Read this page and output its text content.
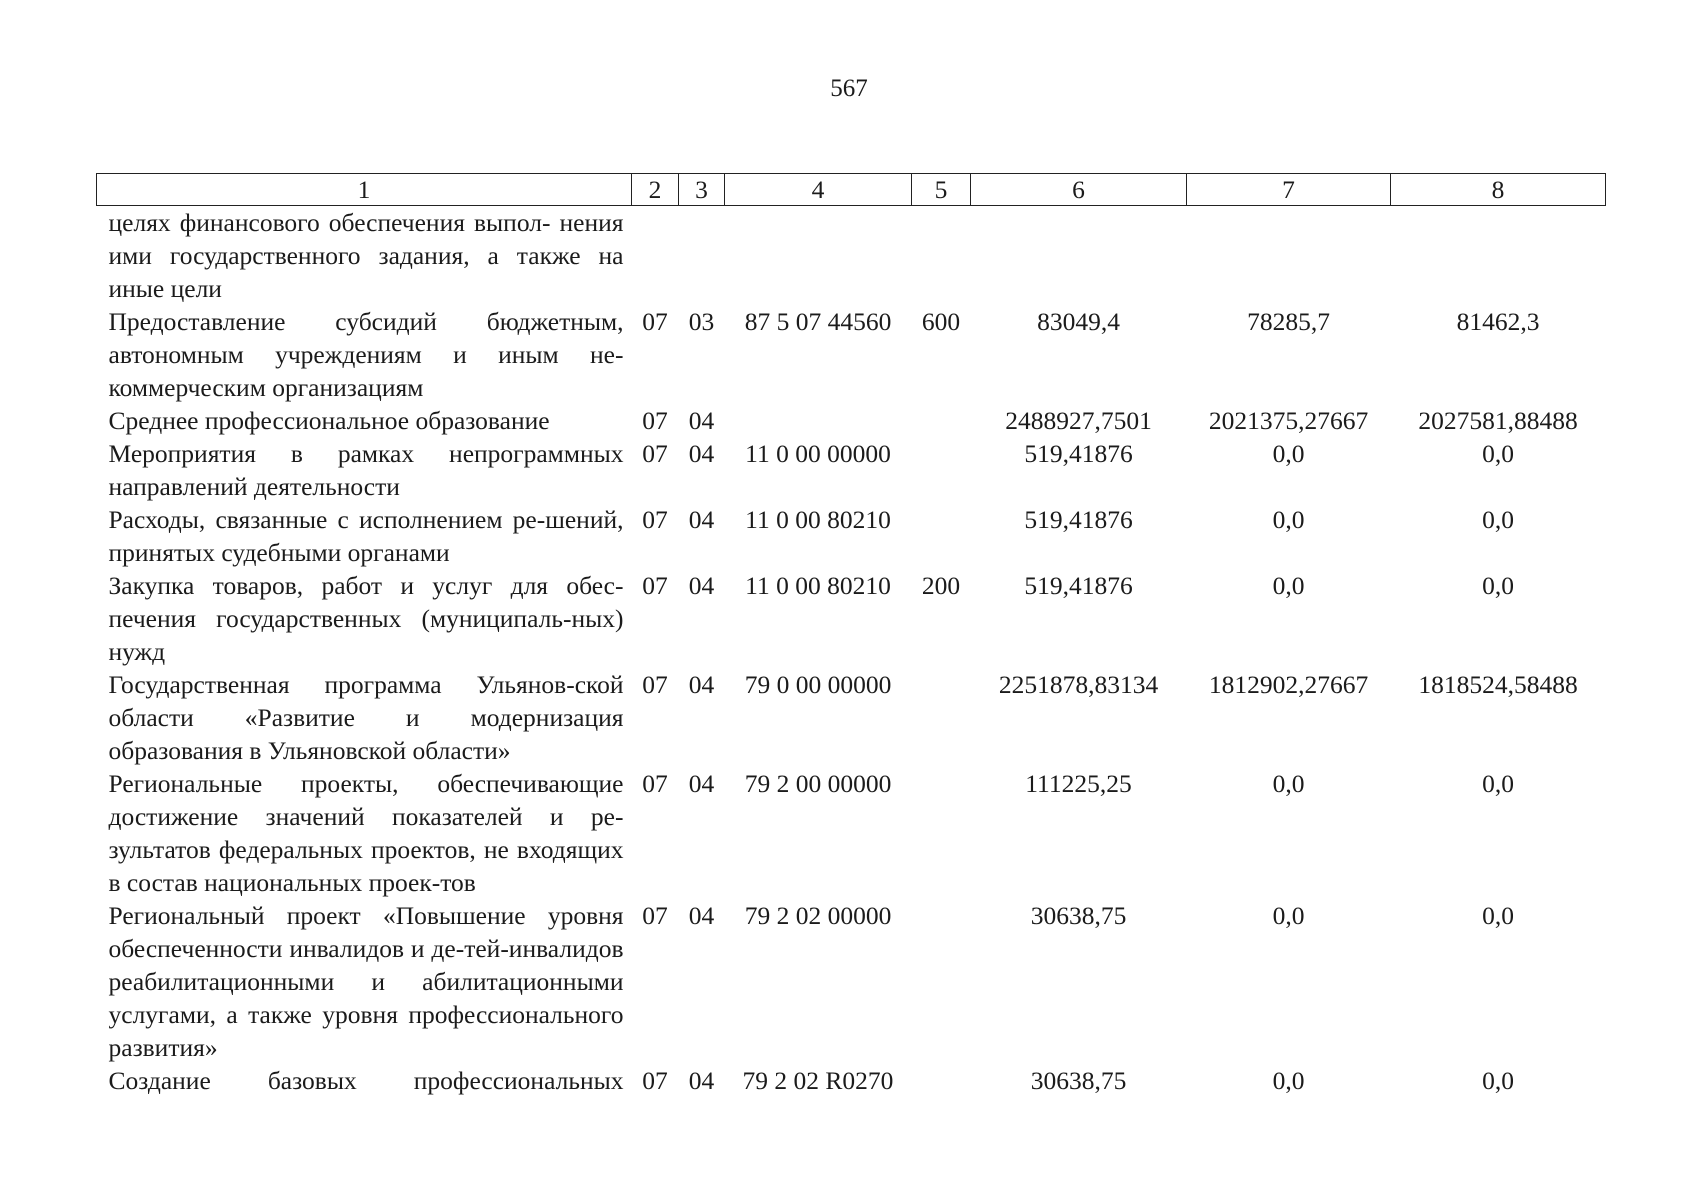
567
1	2	3	4	5	6	7	8
целях финансового обеспечения выпол- нения ими государственного задания, а также на иные цели							
Предоставление субсидий бюджетным, автономным учреждениям и иным не-коммерческим организациям	07	03	87 5 07 44560	600	83049,4	78285,7	81462,3
Среднее профессиональное образование	07	04			2488927,7501	2021375,27667	2027581,88488
Мероприятия в рамках непрограммных направлений деятельности	07	04	11 0 00 00000		519,41876	0,0	0,0
Расходы, связанные с исполнением ре-шений, принятых судебными органами	07	04	11 0 00 80210		519,41876	0,0	0,0
Закупка товаров, работ и услуг для обес-печения государственных (муниципаль-ных) нужд	07	04	11 0 00 80210	200	519,41876	0,0	0,0
Государственная программа Ульянов-ской области «Развитие и модернизация образования в Ульяновской области»	07	04	79 0 00 00000		2251878,83134	1812902,27667	1818524,58488
Региональные проекты, обеспечивающие достижение значений показателей и ре-зультатов федеральных проектов, не входящих в состав национальных проек-тов	07	04	79 2 00 00000		111225,25	0,0	0,0
Региональный проект «Повышение уровня обеспеченности инвалидов и де-тей-инвалидов реабилитационными и абилитационными услугами, а также уровня профессионального развития»	07	04	79 2 02 00000		30638,75	0,0	0,0
Создание базовых профессиональных	07	04	79 2 02 R0270		30638,75	0,0	0,0
